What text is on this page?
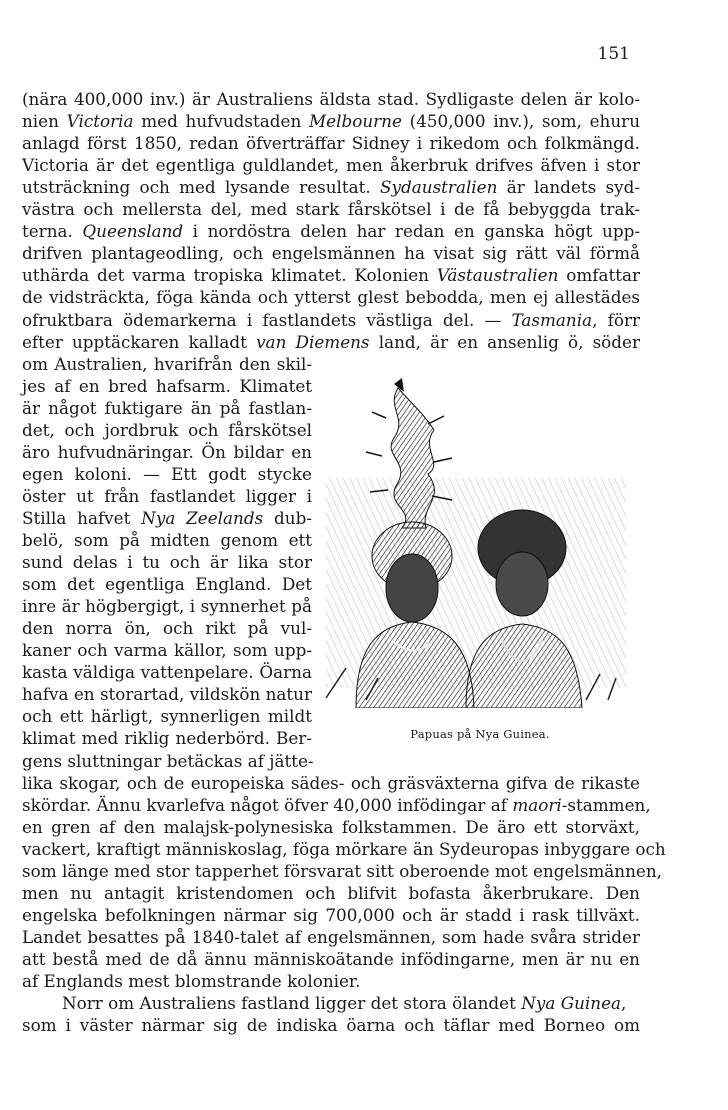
151
(nära 400,000 inv.) är Australiens äldsta stad. Sydligaste delen är kolo-
nien Victoria med hufvudstaden Melbourne (450,000 inv.), som, ehuru
anlagd först 1850, redan öfverträffar Sidney i rikedom och folkmängd.
Victoria är det egentliga guldlandet, men åkerbruk drifves äfven i stor
utsträckning och med lysande resultat. Sydaustralien är landets syd-
västra och mellersta del, med stark fårskötsel i de få bebyggda trak-
terna. Queensland i nordöstra delen har redan en ganska högt upp-
drifven plantageodling, och engelsmännen ha visat sig rätt väl förmå
uthärda det varma tropiska klimatet. Kolonien Västaustralien omfattar
de vidsträckta, föga kända och ytterst glest bebodda, men ej allestädes
ofruktbara ödemarkerna i fastlandets västliga del. — Tasmania, förr
efter upptäckaren kalladt van Diemens land, är en ansenlig ö, söder
om Australien, hvarifrån den skil-
jes af en bred hafsarm. Klimatet
är något fuktigare än på fastlan-
det, och jordbruk och fårskötsel
äro hufvudnäringar. Ön bildar en
egen koloni. — Ett godt stycke
öster ut från fastlandet ligger i
Stilla hafvet Nya Zeelands dub-
belö, som på midten genom ett
sund delas i tu och är lika stor
som det egentliga England. Det
inre är högbergigt, i synnerhet på
den norra ön, och rikt på vul-
kaner och varma källor, som upp-
kasta väldiga vattenpelare. Öarna
hafva en storartad, vildskön natur
och ett härligt, synnerligen mildt
klimat med riklig nederbörd. Ber-
gens sluttningar betäckas af jätte-
lika skogar, och de europeiska sädes- och gräsväxterna gifva de rikaste
skördar. Ännu kvarlefva något öfver 40,000 infödingar af maori-stammen,
en gren af den malajsk-polynesiska folkstammen. De äro ett storväxt,
vackert, kraftigt människoslag, föga mörkare än Sydeuropas inbyggare och
som länge med stor tapperhet försvarat sitt oberoende mot engelsmännen,
men nu antagit kristendomen och blifvit bofasta åkerbrukare. Den
engelska befolkningen närmar sig 700,000 och är stadd i rask tillväxt.
Landet besattes på 1840-talet af engelsmännen, som hade svåra strider
att bestå med de då ännu människoätande infödingarne, men är nu en
af Englands mest blomstrande kolonier.
Norr om Australiens fastland ligger det stora ölandet Nya Guinea,
som i väster närmar sig de indiska öarna och täflar med Borneo om
Papuas på Nya Guinea.
